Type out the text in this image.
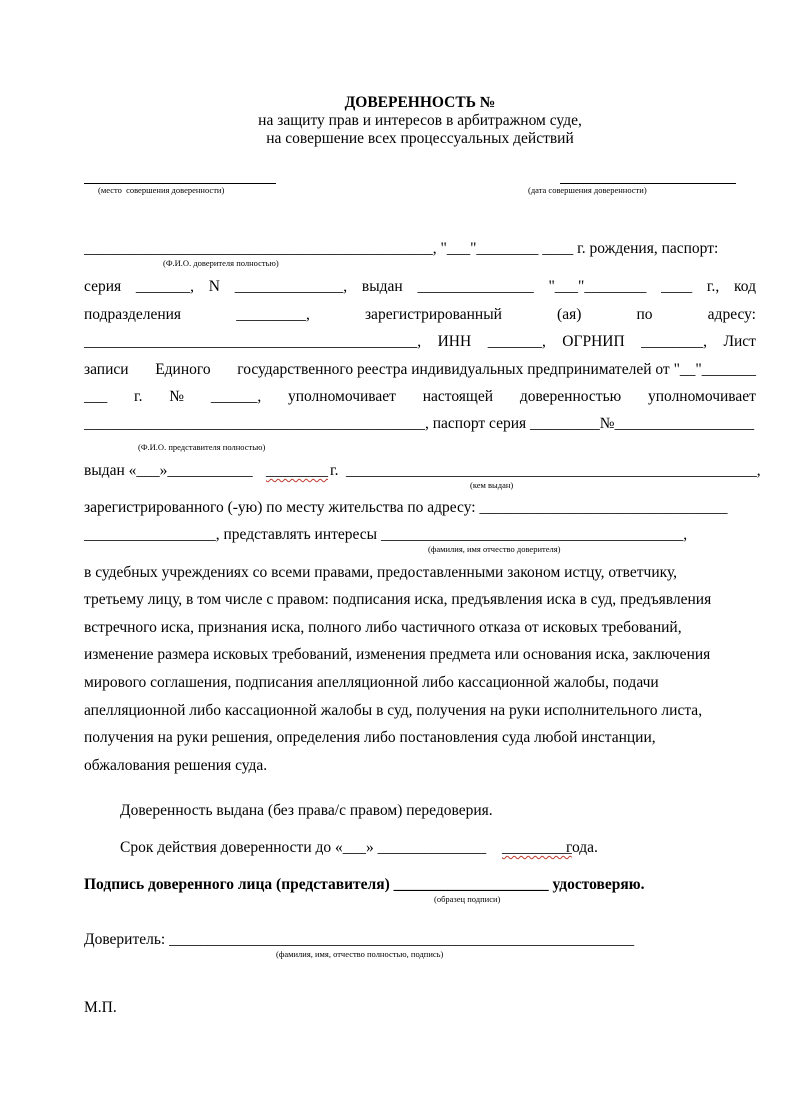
ДОВЕРЕННОСТЬ №
на защиту прав и интересов в арбитражном суде,
на совершение всех процессуальных действий
(место  совершения доверенности)	(дата совершения доверенности)
_____________________________________________, "___"________ ____ г. рождения, паспорт:
(Ф.И.О. доверителя полностью)
серия _______, N ______________, выдан _______________ "___"________ ____ г., код
подразделения	_________,	зарегистрированный	(ая)	по	адресу:
___________________________________________, ИНН _______, ОГРНИП ________, Лист
записи Единого государственного реестра индивидуальных предпринимателей от "__"_______
___ г. № ______, уполномочивает настоящей доверенностью уполномочивает
____________________________________________, паспорт серия _________№__________________
(Ф.И.О. представителя полностью)
выдан «___»___________ ________ г. _____________________________________________________,
(кем выдан)
зарегистрированного (-ую) по месту жительства по адресу: ________________________________
_________________, представлять интересы _______________________________________,
(фамилия, имя отчество доверителя)
в судебных учреждениях со всеми правами, предоставленными законом истцу, ответчику,
третьему лицу, в том числе с правом: подписания иска, предъявления иска в суд, предъявления
встречного иска, признания иска, полного либо частичного отказа от исковых требований,
изменение размера исковых требований, изменения предмета или основания иска, заключения
мирового соглашения, подписания апелляционной либо кассационной жалобы, подачи
апелляционной либо кассационной жалобы в суд, получения на руки исполнительного листа,
получения на руки решения, определения либо постановления суда любой инстанции,
обжалования решения суда.
Доверенность выдана (без права/с правом) передоверия.
Срок действия доверенности до «___» ______________ _________
года.
Подпись доверенного лица (представителя) ____________________ удостоверяю.
(образец подписи)
Доверитель: ____________________________________________________________
(фамилия, имя, отчество полностью, подпись)
М.П.
